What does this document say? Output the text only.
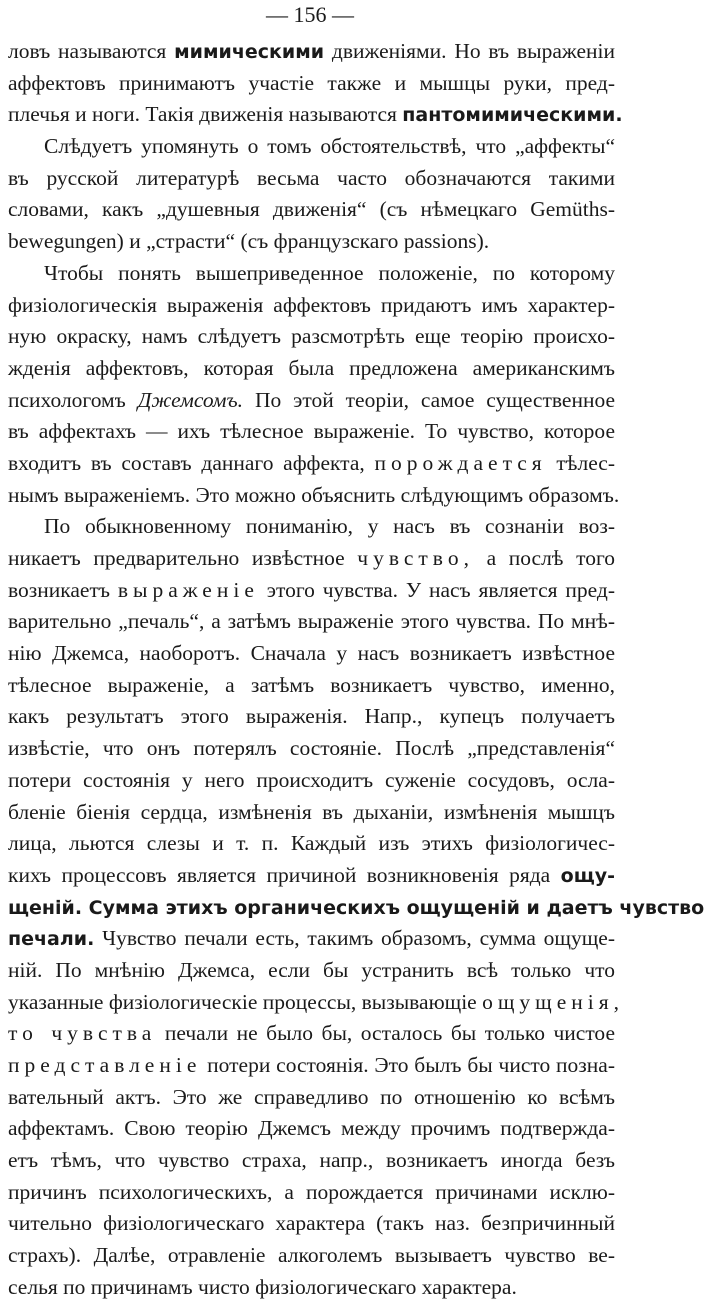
— 156 —
ловъ называются мимическими движеніями. Но въ выраженіи
аффектовъ принимаютъ участіе также и мышцы руки, пред-
плечья и ноги. Такія движенія называются пантомимическими.
Слѣдуетъ упомянуть о томъ обстоятельствѣ, что „аффекты“
въ русской литературѣ весьма часто обозначаются такими
словами, какъ „душевныя движенія“ (съ нѣмецкаго Gemüths-
bewegungen) и „страсти“ (съ французскаго passions).
Чтобы понять вышеприведенное положеніе, по которому
физіологическія выраженія аффектовъ придаютъ имъ характер-
ную окраску, намъ слѣдуетъ разсмотрѣть еще теорію происхо-
жденія аффектовъ, которая была предложена американскимъ
психологомъ Джемсомъ. По этой теоріи, самое существенное
въ аффектахъ — ихъ тѣлесное выраженіе. То чувство, которое
входитъ въ составъ даннаго аффекта, порождается тѣлес-
нымъ выраженіемъ. Это можно объяснить слѣдующимъ образомъ.
По обыкновенному пониманію, у насъ въ сознаніи воз-
никаетъ предварительно извѣстное чувство, а послѣ того
возникаетъ выраженіе этого чувства. У насъ является пред-
варительно „печаль“, а затѣмъ выраженіе этого чувства. По мнѣ-
нію Джемса, наоборотъ. Сначала у насъ возникаетъ извѣстное
тѣлесное выраженіе, а затѣмъ возникаетъ чувство, именно,
какъ результатъ этого выраженія. Напр., купецъ получаетъ
извѣстіе, что онъ потерялъ состояніе. Послѣ „представленія“
потери состоянія у него происходитъ суженіе сосудовъ, осла-
бленіе біенія сердца, измѣненія въ дыханіи, измѣненія мышцъ
лица, льются слезы и т. п. Каждый изъ этихъ физіологичес-
кихъ процессовъ является причиной возникновенія ряда ощу-
щеній. Сумма этихъ органическихъ ощущеній и даетъ чувство
печали. Чувство печали есть, такимъ образомъ, сумма ощуще-
ній. По мнѣнію Джемса, если бы устранить всѣ только что
указанные физіологическіе процессы, вызывающіе ощущенія,
то чувства печали не было бы, осталось бы только чистое
представленіе потери состоянія. Это былъ бы чисто позна-
вательный актъ. Это же справедливо по отношенію ко всѣмъ
аффектамъ. Свою теорію Джемсъ между прочимъ подтвержда-
етъ тѣмъ, что чувство страха, напр., возникаетъ иногда безъ
причинъ психологическихъ, а порождается причинами исклю-
чительно физіологическаго характера (такъ наз. безпричинный
страхъ). Далѣе, отравленіе алкоголемъ вызываетъ чувство ве-
селья по причинамъ чисто физіологическаго характера.
